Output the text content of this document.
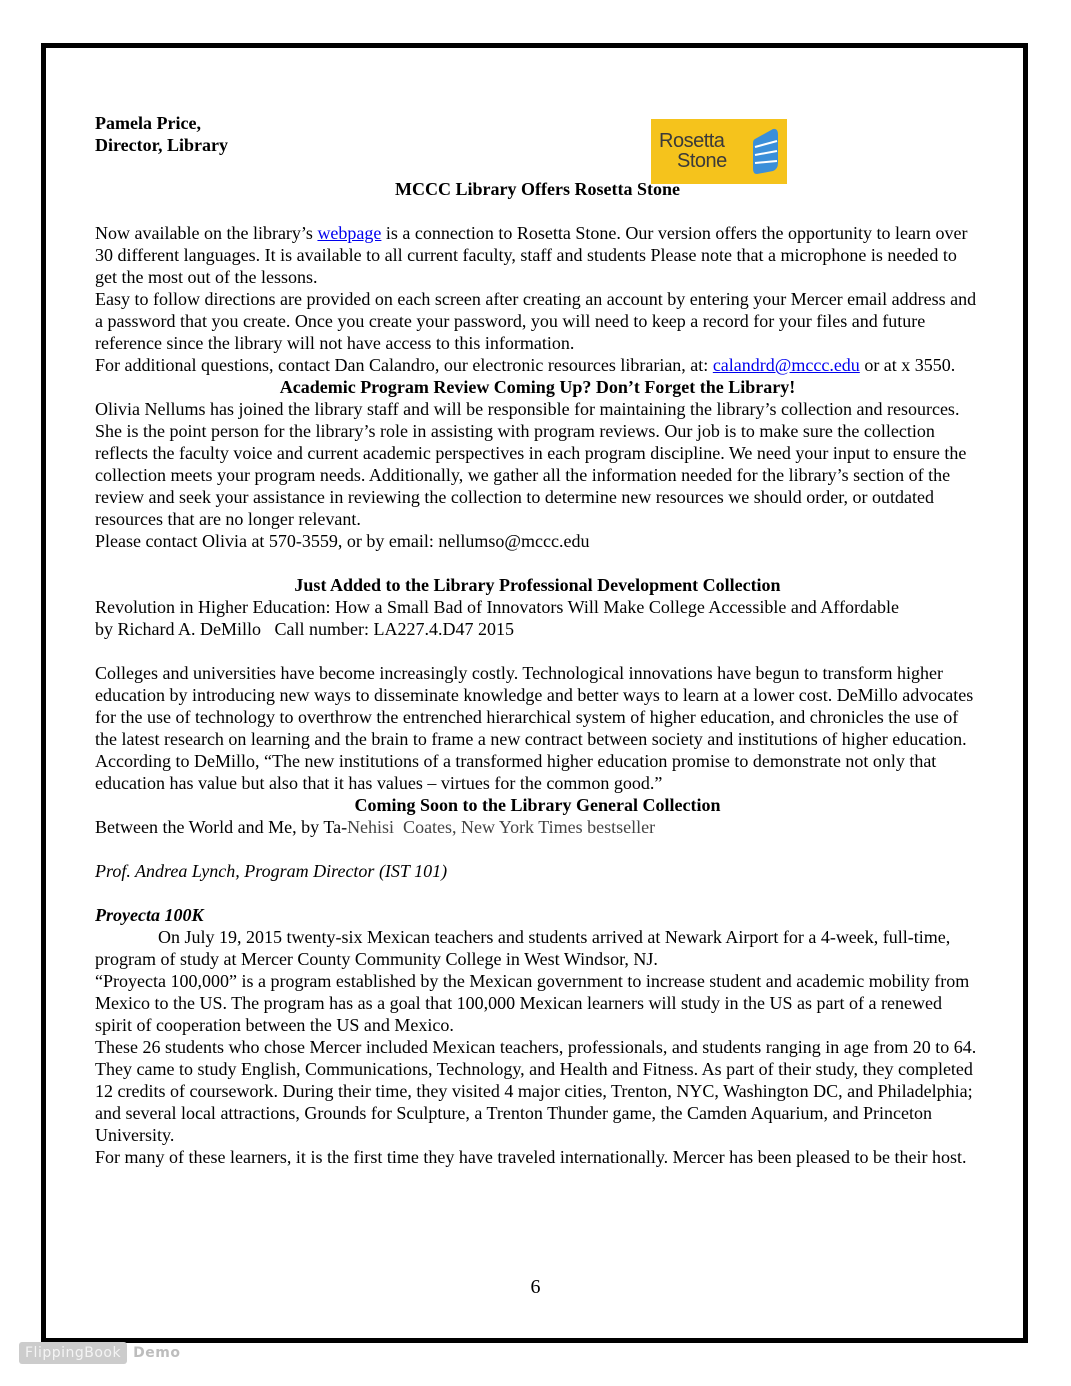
Rosetta
Stone
Pamela Price,
Director, Library
MCCC Library Offers Rosetta Stone

Now available on the library’s webpage is a connection to Rosetta Stone. Our version offers the opportunity to learn over 30 different languages. It is available to all current faculty, staff and students Please note that a microphone is needed to get the most out of the lessons.

Easy to follow directions are provided on each screen after creating an account by entering your Mercer email address and a password that you create. Once you create your password, you will need to keep a record for your files and future reference since the library will not have access to this information.

For additional questions, contact Dan Calandro, our electronic resources librarian, at: calandrd@mccc.edu or at x 3550.

Academic Program Review Coming Up? Don’t Forget the Library!

Olivia Nellums has joined the library staff and will be responsible for maintaining the library’s collection and resources. She is the point person for the library’s role in assisting with program reviews. Our job is to make sure the collection reflects the faculty voice and current academic perspectives in each program discipline. We need your input to ensure the collection meets your program needs. Additionally, we gather all the information needed for the library’s section of the review and seek your assistance in reviewing the collection to determine new resources we should order, or outdated resources that are no longer relevant.

Please contact Olivia at 570-3559, or by email: nellumso@mccc.edu

Just Added to the Library Professional Development Collection

Revolution in Higher Education: How a Small Bad of Innovators Will Make College Accessible and Affordable

by Richard A. DeMillo   Call number: LA227.4.D47 2015

Colleges and universities have become increasingly costly. Technological innovations have begun to transform higher education by introducing new ways to disseminate knowledge and better ways to learn at a lower cost. DeMillo advocates for the use of technology to overthrow the entrenched hierarchical system of higher education, and chronicles the use of the latest research on learning and the brain to frame a new contract between society and institutions of higher education. According to DeMillo, “The new institutions of a transformed higher education promise to demonstrate not only that education has value but also that it has values – virtues for the common good.”

Coming Soon to the Library General Collection

Between the World and Me, by Ta-Nehisi  Coates, New York Times bestseller

Prof. Andrea Lynch, Program Director (IST 101)

Proyecta 100K

On July 19, 2015 twenty-six Mexican teachers and students arrived at Newark Airport for a 4-week, full-time, program of study at Mercer County Community College in West Windsor, NJ.

“Proyecta 100,000” is a program established by the Mexican government to increase student and academic mobility from Mexico to the US. The program has as a goal that 100,000 Mexican learners will study in the US as part of a renewed spirit of cooperation between the US and Mexico.

These 26 students who chose Mercer included Mexican teachers, professionals, and students ranging in age from 20 to 64. They came to study English, Communications, Technology, and Health and Fitness. As part of their study, they completed 12 credits of coursework. During their time, they visited 4 major cities, Trenton, NYC, Washington DC, and Philadelphia; and several local attractions, Grounds for Sculpture, a Trenton Thunder game, the Camden Aquarium, and Princeton University.

For many of these learners, it is the first time they have traveled internationally. Mercer has been pleased to be their host.

6
FlippingBook Demo
